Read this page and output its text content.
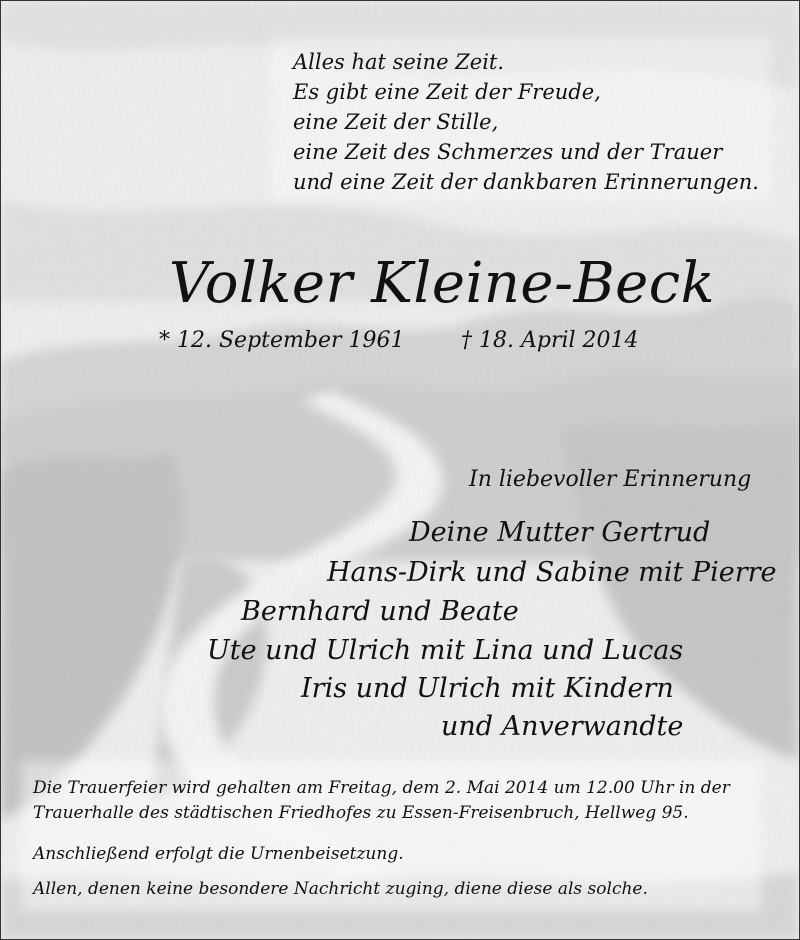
Alles hat seine Zeit.
Es gibt eine Zeit der Freude,
eine Zeit der Stille,
eine Zeit des Schmerzes und der Trauer
und eine Zeit der dankbaren Erinnerungen.
Volker Kleine-Beck
* 12. September 1961	† 18. April 2014
In liebevoller Erinnerung
Deine Mutter Gertrud
Hans-Dirk und Sabine mit Pierre
Bernhard und Beate
Ute und Ulrich mit Lina und Lucas
Iris und Ulrich mit Kindern
und Anverwandte
Die Trauerfeier wird gehalten am Freitag, dem 2. Mai 2014 um 12.00 Uhr in der
Trauerhalle des städtischen Friedhofes zu Essen-Freisenbruch, Hellweg 95.
Anschließend erfolgt die Urnenbeisetzung.
Allen, denen keine besondere Nachricht zuging, diene diese als solche.
